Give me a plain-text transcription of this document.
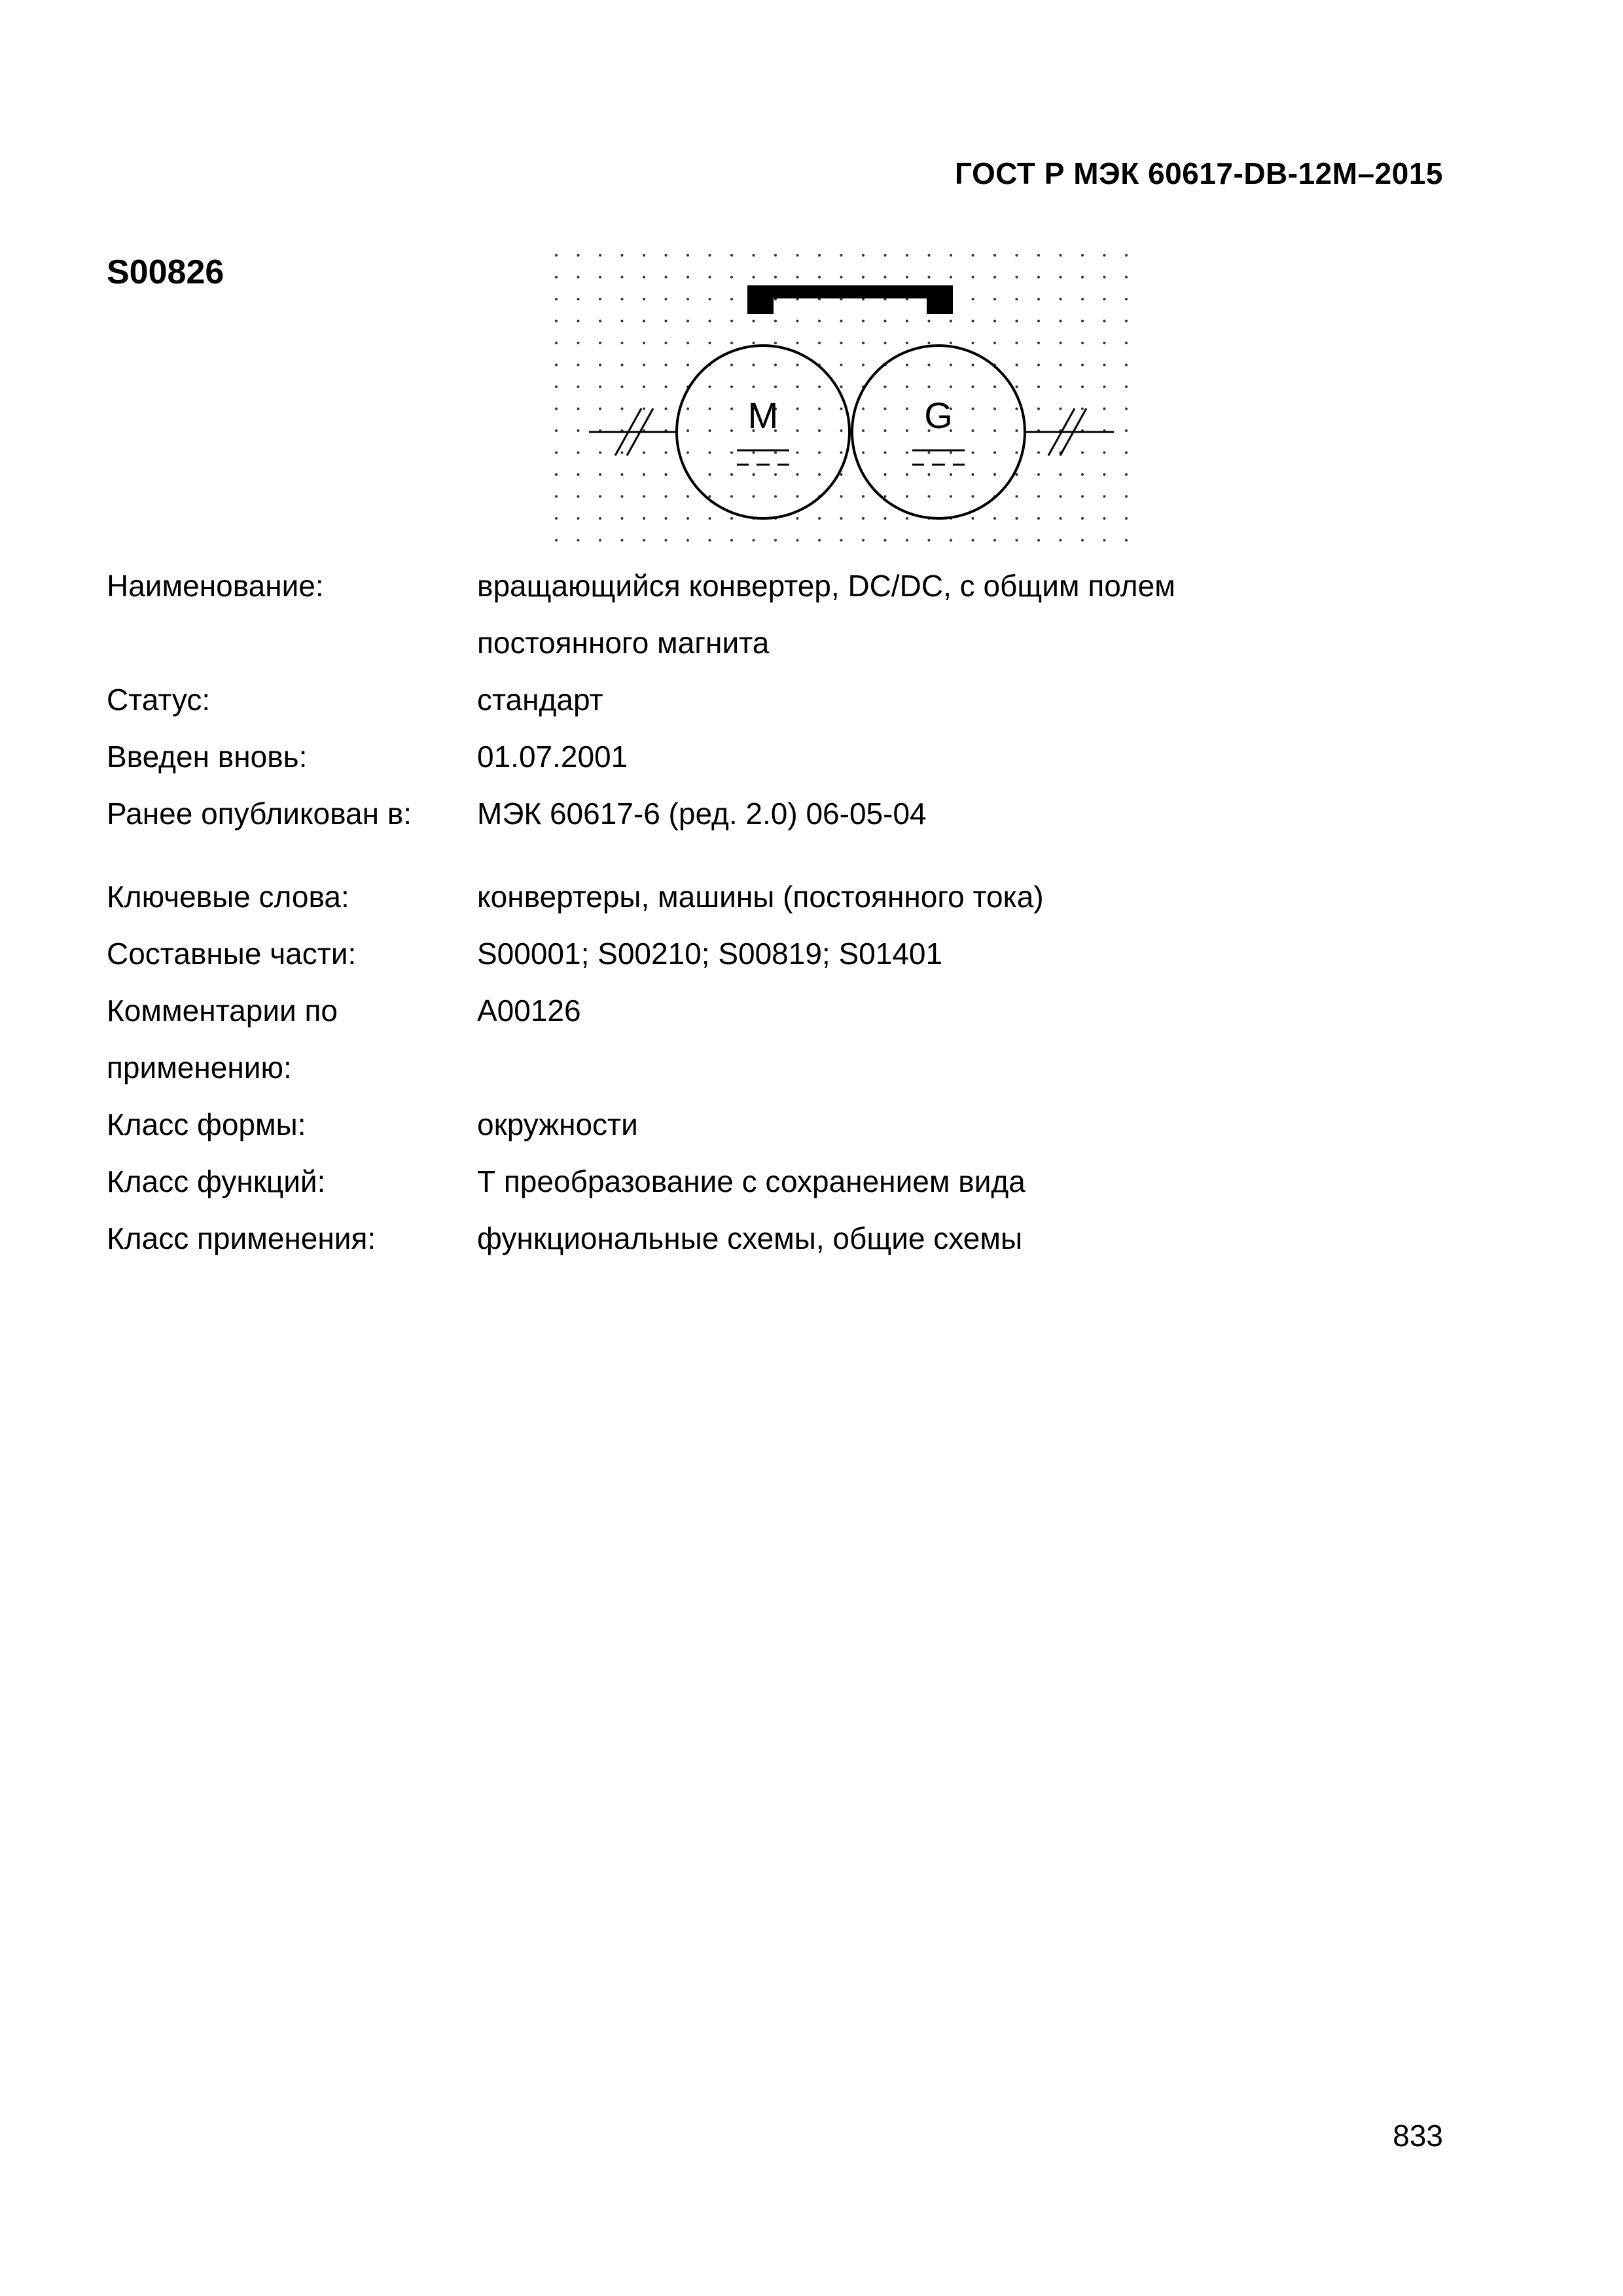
ГОСТ Р МЭК 60617-DB-12M–2015
S00826
M	G
Наименование:	вращающийся конвертер, DC/DC, с общим полем постоянного магнита
Статус:	стандарт
Введен вновь:	01.07.2001
Ранее опубликован в:	МЭК 60617-6 (ред. 2.0) 06-05-04
Ключевые слова:	конвертеры, машины (постоянного тока)
Составные части:	S00001; S00210; S00819; S01401
Комментарии по применению:
A00126
Класс формы:	окружности
Класс функций:	Т преобразование с сохранением вида
Класс применения:	функциональные схемы, общие схемы
833
